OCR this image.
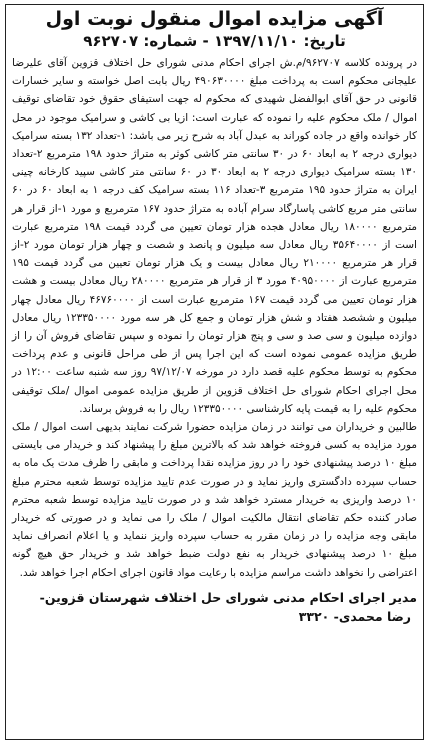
آگهی مزایده اموال منقول نوبت اول
تاریخ: ۱۳۹۷/۱۱/۱۰ - شماره: ۹۶۲۷۰۷

در پرونده کلاسه ۹۶۲۷۰۷/م.ش اجرای احکام مدنی شورای حل اختلاف قزوین آقای علیرضا علیجانی محکوم است به پرداخت مبلغ ۴۹۰۶۳۰۰۰۰ ریال بابت اصل خواسته و سایر خسارات قانونی در حق آقای ابوالفضل شهیدی که محکوم له جهت استیفای حقوق خود تقاضای توقیف اموال / ملک محکوم علیه را نموده که عبارت است: ازیا بی کاشی و سرامیک موجود در محل کار خوانده واقع در جاده کوراند به عبدل آباد به شرح زیر می باشد: ۱-تعداد ۱۳۲ بسته سرامیک دیواری درجه ۲ به ابعاد ۶۰ در ۳۰ سانتی متر کاشی کوثر به متراژ حدود ۱۹۸ مترمربع ۲-تعداد ۱۳۰ بسته سرامیک دیواری درجه ۲ به ابعاد ۳۰ در ۶۰ سانتی متر کاشی سپید کارخانه چینی ایران به متراژ حدود ۱۹۵ مترمربع ۳-تعداد ۱۱۶ بسته سرامیک کف درجه ۱ به ابعاد ۶۰ در ۶۰ سانتی متر مربع کاشی پاسارگاد سرام آباده به متراژ حدود ۱۶۷ مترمربع و مورد ۱-از قرار هر مترمربع ۱۸۰۰۰۰ ریال معادل هجده هزار تومان تعیین می گردد قیمت ۱۹۸ مترمربع عبارت است از ۳۵۶۴۰۰۰۰ ریال معادل سه میلیون و پانصد و شصت و چهار هزار تومان مورد ۲-از قرار هر مترمربع ۲۱۰۰۰۰ ریال معادل بیست و یک هزار تومان تعیین می گردد قیمت ۱۹۵ مترمربع عبارت از ۴۰۹۵۰۰۰۰ مورد ۳ از قرار هر مترمربع ۲۸۰۰۰۰ ریال معادل بیست و هشت هزار تومان تعیین می گردد قیمت ۱۶۷ مترمربع عبارت است از ۴۶۷۶۰۰۰۰ ریال معادل چهار میلیون و ششصد هفتاد و شش هزار تومان و جمع کل هر سه مورد ۱۲۳۳۵۰۰۰۰ ریال معادل دوازده میلیون و سی صد و سی و پنج هزار تومان را نموده و سپس تقاضای فروش آن را از طریق مزایده عمومی نموده است که این اجرا پس از طی مراحل قانونی و عدم پرداخت محکوم به توسط محکوم علیه قصد دارد در مورخه ۹۷/۱۲/۰۷ روز سه شنبه ساعت ۱۲:۰۰ در محل اجرای احکام شورای حل اختلاف قزوین از طریق مزایده عمومی اموال /ملک توقیفی محکوم علیه را به قیمت پایه کارشناسی ۱۲۳۳۵۰۰۰۰ ریال را به فروش برساند.

طالبین و خریداران می توانند در زمان مزایده حضورا شرکت نمایند بدیهی است اموال / ملک مورد مزایده به کسی فروخته خواهد شد که بالاترین مبلغ را پیشنهاد کند و خریدار می بایستی مبلغ ۱۰ درصد پیشنهادی خود را در روز مزایده نقدا پرداخت و مابقی را ظرف مدت یک ماه به حساب سپرده دادگستری واریز نماید و در صورت عدم تایید مزایده توسط شعبه محترم مبلغ ۱۰ درصد واریزی به خریدار مسترد خواهد شد و در صورت تایید مزایده توسط شعبه محترم صادر کننده حکم تقاضای انتقال مالکیت اموال / ملک را می نماید و در صورتی که خریدار مابقی وجه مزایده را در زمان مقرر به حساب سپرده واریز ننماید و یا اعلام انصراف نماید مبلغ ۱۰ درصد پیشنهادی خریدار به نفع دولت ضبط خواهد شد و خریدار حق هیچ گونه اعتراضی را نخواهد داشت مراسم مزایده با رعایت مواد قانون اجرای احکام اجرا خواهد شد.

مدیر اجرای احکام مدنی شورای حل اختلاف شهرستان قزوین-
رضا محمدی- ۳۳۲۰
